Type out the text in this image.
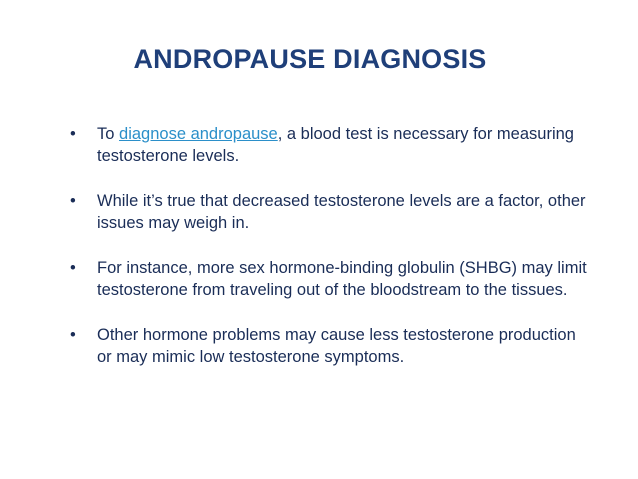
ANDROPAUSE DIAGNOSIS
•	To diagnose andropause, a blood test is necessary for measuring testosterone levels.
•	While it’s true that decreased testosterone levels are a factor, other issues may weigh in.
•	For instance, more sex hormone-binding globulin (SHBG) may limit testosterone from traveling out of the bloodstream to the tissues.
•	Other hormone problems may cause less testosterone production or may mimic low testosterone symptoms.
